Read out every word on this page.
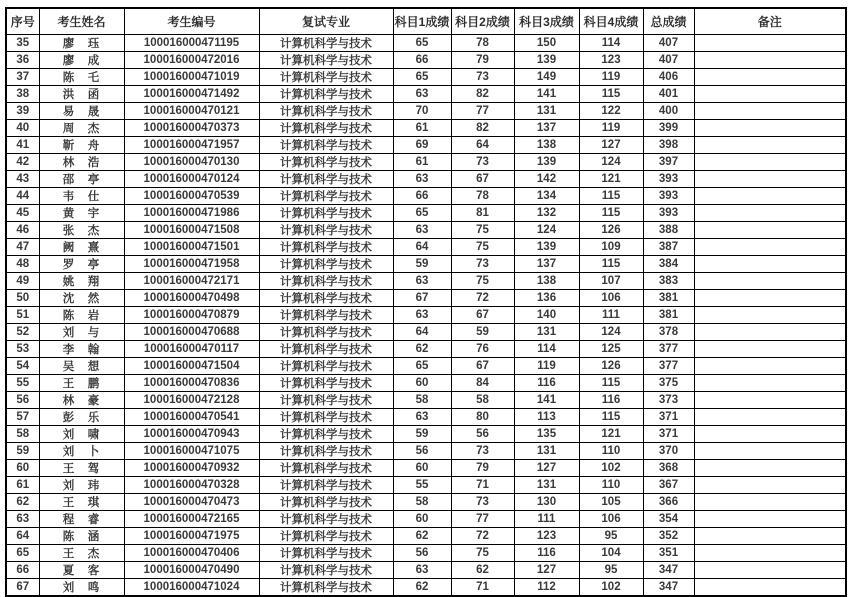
序号	考生姓名	考生编号	复试专业	科目1成绩	科目2成绩	科目3成绩	科目4成绩	总成绩	备注
35	廖　珏	100016000471195	计算机科学与技术	65	78	150	114	407	
36	廖　成	100016000472016	计算机科学与技术	66	79	139	123	407	
37	陈　乇	100016000471019	计算机科学与技术	65	73	149	119	406	
38	洪　函	100016000471492	计算机科学与技术	63	82	141	115	401	
39	易　晟	100016000470121	计算机科学与技术	70	77	131	122	400	
40	周　杰	100016000470373	计算机科学与技术	61	82	137	119	399	
41	靳　舟	100016000471957	计算机科学与技术	69	64	138	127	398	
42	林　浩	100016000470130	计算机科学与技术	61	73	139	124	397	
43	邵　亭	100016000470124	计算机科学与技术	63	67	142	121	393	
44	韦　仕	100016000470539	计算机科学与技术	66	78	134	115	393	
45	黄　宇	100016000471986	计算机科学与技术	65	81	132	115	393	
46	张　杰	100016000471508	计算机科学与技术	63	75	124	126	388	
47	阙　熹	100016000471501	计算机科学与技术	64	75	139	109	387	
48	罗　亭	100016000471958	计算机科学与技术	59	73	137	115	384	
49	姚　翔	100016000472171	计算机科学与技术	63	75	138	107	383	
50	沈　然	100016000470498	计算机科学与技术	67	72	136	106	381	
51	陈　岩	100016000470879	计算机科学与技术	63	67	140	111	381	
52	刘　与	100016000470688	计算机科学与技术	64	59	131	124	378	
53	李　翰	100016000470117	计算机科学与技术	62	76	114	125	377	
54	吴　想	100016000471504	计算机科学与技术	65	67	119	126	377	
55	王　鹏	100016000470836	计算机科学与技术	60	84	116	115	375	
56	林　豪	100016000472128	计算机科学与技术	58	58	141	116	373	
57	彭　乐	100016000470541	计算机科学与技术	63	80	113	115	371	
58	刘　啸	100016000470943	计算机科学与技术	59	56	135	121	371	
59	刘　卜	100016000471075	计算机科学与技术	56	73	131	110	370	
60	王　驾	100016000470932	计算机科学与技术	60	79	127	102	368	
61	刘　玮	100016000470328	计算机科学与技术	55	71	131	110	367	
62	王　琪	100016000470473	计算机科学与技术	58	73	130	105	366	
63	程　睿	100016000472165	计算机科学与技术	60	77	111	106	354	
64	陈　涵	100016000471975	计算机科学与技术	62	72	123	95	352	
65	王　杰	100016000470406	计算机科学与技术	56	75	116	104	351	
66	夏　客	100016000470490	计算机科学与技术	63	62	127	95	347	
67	刘　鸣	100016000471024	计算机科学与技术	62	71	112	102	347	
